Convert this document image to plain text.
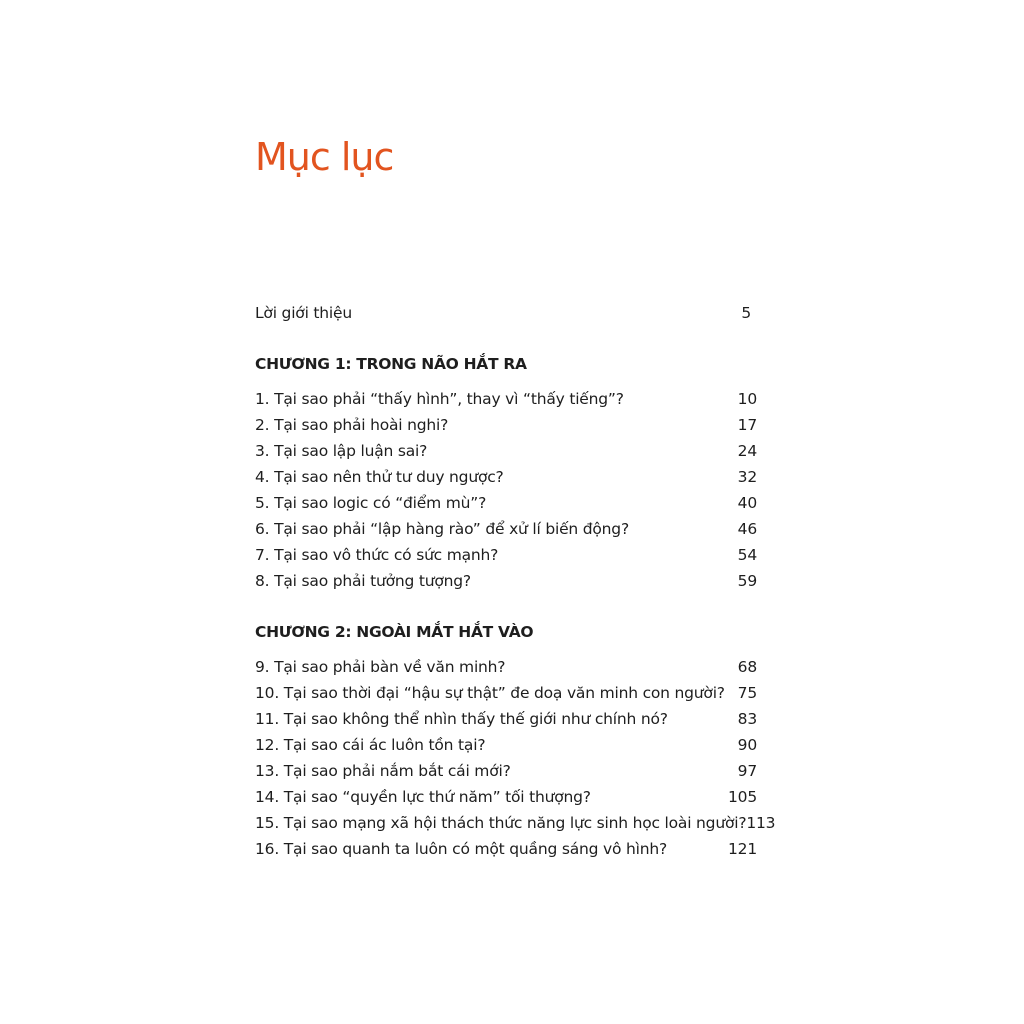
Mục lục
Lời giới thiệu	5
CHƯƠNG 1: TRONG NÃO HẮT RA
1. Tại sao phải “thấy hình”, thay vì “thấy tiếng”?	10
2. Tại sao phải hoài nghi?	17
3. Tại sao lập luận sai?	24
4. Tại sao nên thử tư duy ngược?	32
5. Tại sao logic có “điểm mù”?	40
6. Tại sao phải “lập hàng rào” để xử lí biến động?	46
7. Tại sao vô thức có sức mạnh?	54
8. Tại sao phải tưởng tượng?	59
CHƯƠNG 2: NGOÀI MẮT HẮT VÀO
9. Tại sao phải bàn về văn minh?	68
10. Tại sao thời đại “hậu sự thật” đe doạ văn minh con người? 75
11. Tại sao không thể nhìn thấy thế giới như chính nó?	83
12. Tại sao cái ác luôn tồn tại?	90
13. Tại sao phải nắm bắt cái mới?	97
14. Tại sao “quyền lực thứ năm” tối thượng?	105
15. Tại sao mạng xã hội thách thức năng lực sinh học loài người? 113
16. Tại sao quanh ta luôn có một quầng sáng vô hình?	121
